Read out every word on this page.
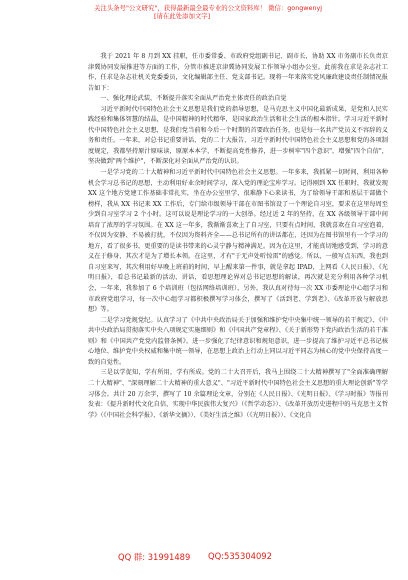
关注头条号"公文研究"，获得最新最全最专业的公文资料库！ 微信：gongwenyj
[请在此处添加文字]

我于 2021 年 8 月到 XX 挂职，任市委常委、市政府党组副书记、副市长，协助 XX 市务副市长负责京津冀协同发展推进等方面的工作，分管市推进京津冀协同发展工作领导小组办公室。此前我在求是杂志社工作，任求是杂志社机关党委委员，文化编辑部主任、党支部书记。现将一年来落实党风廉政建设责任制情况报告如下：

一、强化理论武装，不断提升落实全面从严治党主体责任的政治自觉

习近平新时代中国特色社会主义思想是我们党的指导思想，是马克思主义中国化最新成果，是党和人民实践经验和集体智慧的结晶，是中国精神的时代精华，是国家政治生活和社会生活的根本指针。学习习近平新时代中国特色社会主义思想，是我们党当前和今后一个时期的首要政治任务，也是每一名共产党员义不容辞的义务和责任。一年来，对总书记重要讲话、党的二十大报告、习近平新时代中国特色社会主义思想和党的各项制度规定，我都坚持原汁原味读，原原本本学，不断提高党性修养，进一步树牢"四个意识"，增强"四个自信"，坚决做到"两个维护"，不断深化对全面从严治党的认识。

一是学习党的二十大精神和习近平新时代中国特色社会主义思想。一年多来，我抓紧一切时间，利用各种机会学习总书记的思想，主动利用好业余时间学习，深入党的理论宝库学习。记得刚到 XX 任职时，我就发现 XX 这个地方党建工作基础非常扎实，坐在办公室里学，很难静下心来读书，为了给领导干部和基层干部做个榜样，我从 XX 书记来 XX 工作后，专门给市级领导干部在市图书馆设了一个理论自习室，要求在这里每周至少到自习室学习 2 个小时。这可以说是理论学习的一大创举。经过近 2 年的坚持，在 XX 各级领导干部中间培育了浓厚的学习氛围。在 XX 这一年多，我渐渐喜欢上了自习室，只要有点时间，我就喜欢在自习室泡着，不仅因为安静、不易被打扰，不仅因为资料齐全——总书记所有的讲话都在，还因为在图书馆里有一个学习的地方，看了很多书，更重要的是读书带来的心灵宁静与精神满足。因为在这里，才能真切地感受到，学习的意义在于修身，其次才是为了增长本领。在这里，才有"于无声处听惊雷"的感觉。所以，一般写点东西，我也到自习室来写，其次利用好早晚上班前的时间，早上醒来第一件事，就是拿起 IPAD，上网看《人民日报》、《光明日报》，看总书记最新的活动、讲话，看思想理论界对总书记思想的解读，再次就是充分利用各种学习机会，一年来，我参加了 6 个培训班（包括网络培训班），另外，我认真对待每一次 XX 市委理论中心组学习和市政府党组学习，每一次中心组学习都积极撰写学习体会，撰写了《活到老、学到老》、《改革开放与解放思想》等。

二是学习党规党纪。认真学习了《中共中央政治局关于加强和维护党中央集中统一领导的若干规定》、《中共中央政治局贯彻落实中央八项规定实施细则》和《中国共产党章程》、《关于新形势下党内政治生活的若干准则》和《中国共产党党内监督条例》，进一步强化了纪律意识和规矩意识，进一步提高了维护习近平总书记核心地位、维护党中央权威和集中统一领导，在思想上政治上行动上同以习近平同志为核心的党中央保持高度一致的自觉性。

三是以学促知，学有所用，学有所成。党的二十大召开后，我马上围绕二十大精神撰写了"全面准确理解二十大精神"、"深刻理解二十大精神的重大意义"、"习近平新时代中国特色社会主义思想的重大理论创新"等学习体会。共计 20 万余字，撰写了 10 余篇理论文章，分别在《人民日报》、《光明日报》、《学习时报》等报刊发表：《提升新时代文化自信，实现中华民族伟大复兴》（《哲学动态》）、《改革开放历史进程中的马克思主义哲学》（《中国社会科学报》、《新华文摘》）、《美好生活之维》（《光明日报》）、《文化自

QQ 群: 31991489 QQ:535304092
